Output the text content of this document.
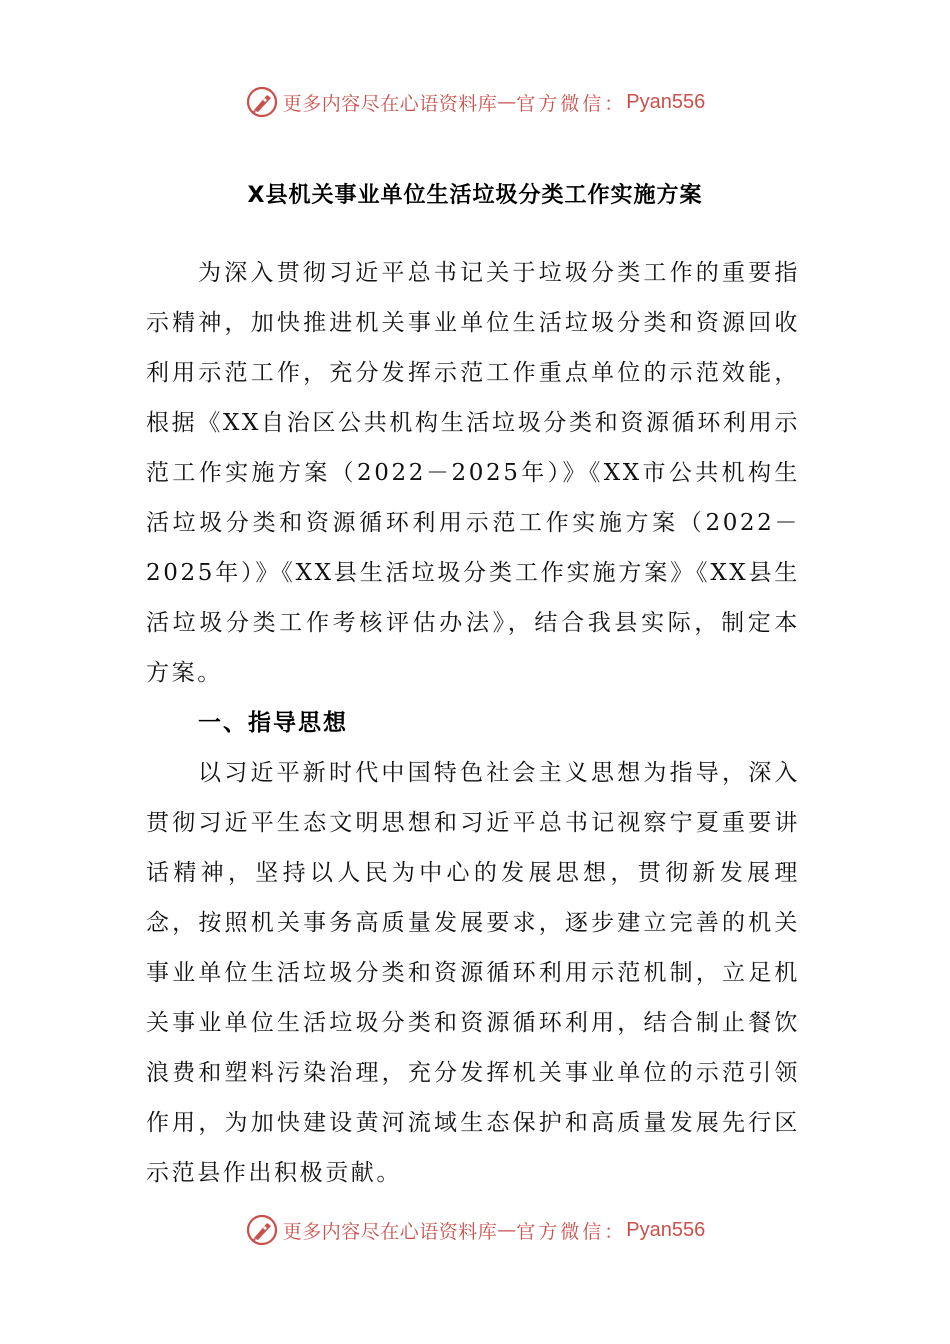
更多内容尽在心语资料库 — 官方微信： Pyan556
X县机关事业单位生活垃圾分类工作实施方案

为深入贯彻习近平总书记关于垃圾分类工作的重要指示精神，加快推进机关事业单位生活垃圾分类和资源回收利用示范工作，充分发挥示范工作重点单位的示范效能，根据《XX自治区公共机构生活垃圾分类和资源循环利用示范工作实施方案（2022－2025年）》《XX市公共机构生活垃圾分类和资源循环利用示范工作实施方案（2022－2025年）》《XX县生活垃圾分类工作实施方案》《XX县生活垃圾分类工作考核评估办法》，结合我县实际，制定本方案。

一、指导思想

以习近平新时代中国特色社会主义思想为指导，深入贯彻习近平生态文明思想和习近平总书记视察宁夏重要讲话精神，坚持以人民为中心的发展思想，贯彻新发展理念，按照机关事务高质量发展要求，逐步建立完善的机关事业单位生活垃圾分类和资源循环利用示范机制，立足机关事业单位生活垃圾分类和资源循环利用，结合制止餐饮浪费和塑料污染治理，充分发挥机关事业单位的示范引领作用，为加快建设黄河流域生态保护和高质量发展先行区示范县作出积极贡献。

更多内容尽在心语资料库 — 官方微信： Pyan556
